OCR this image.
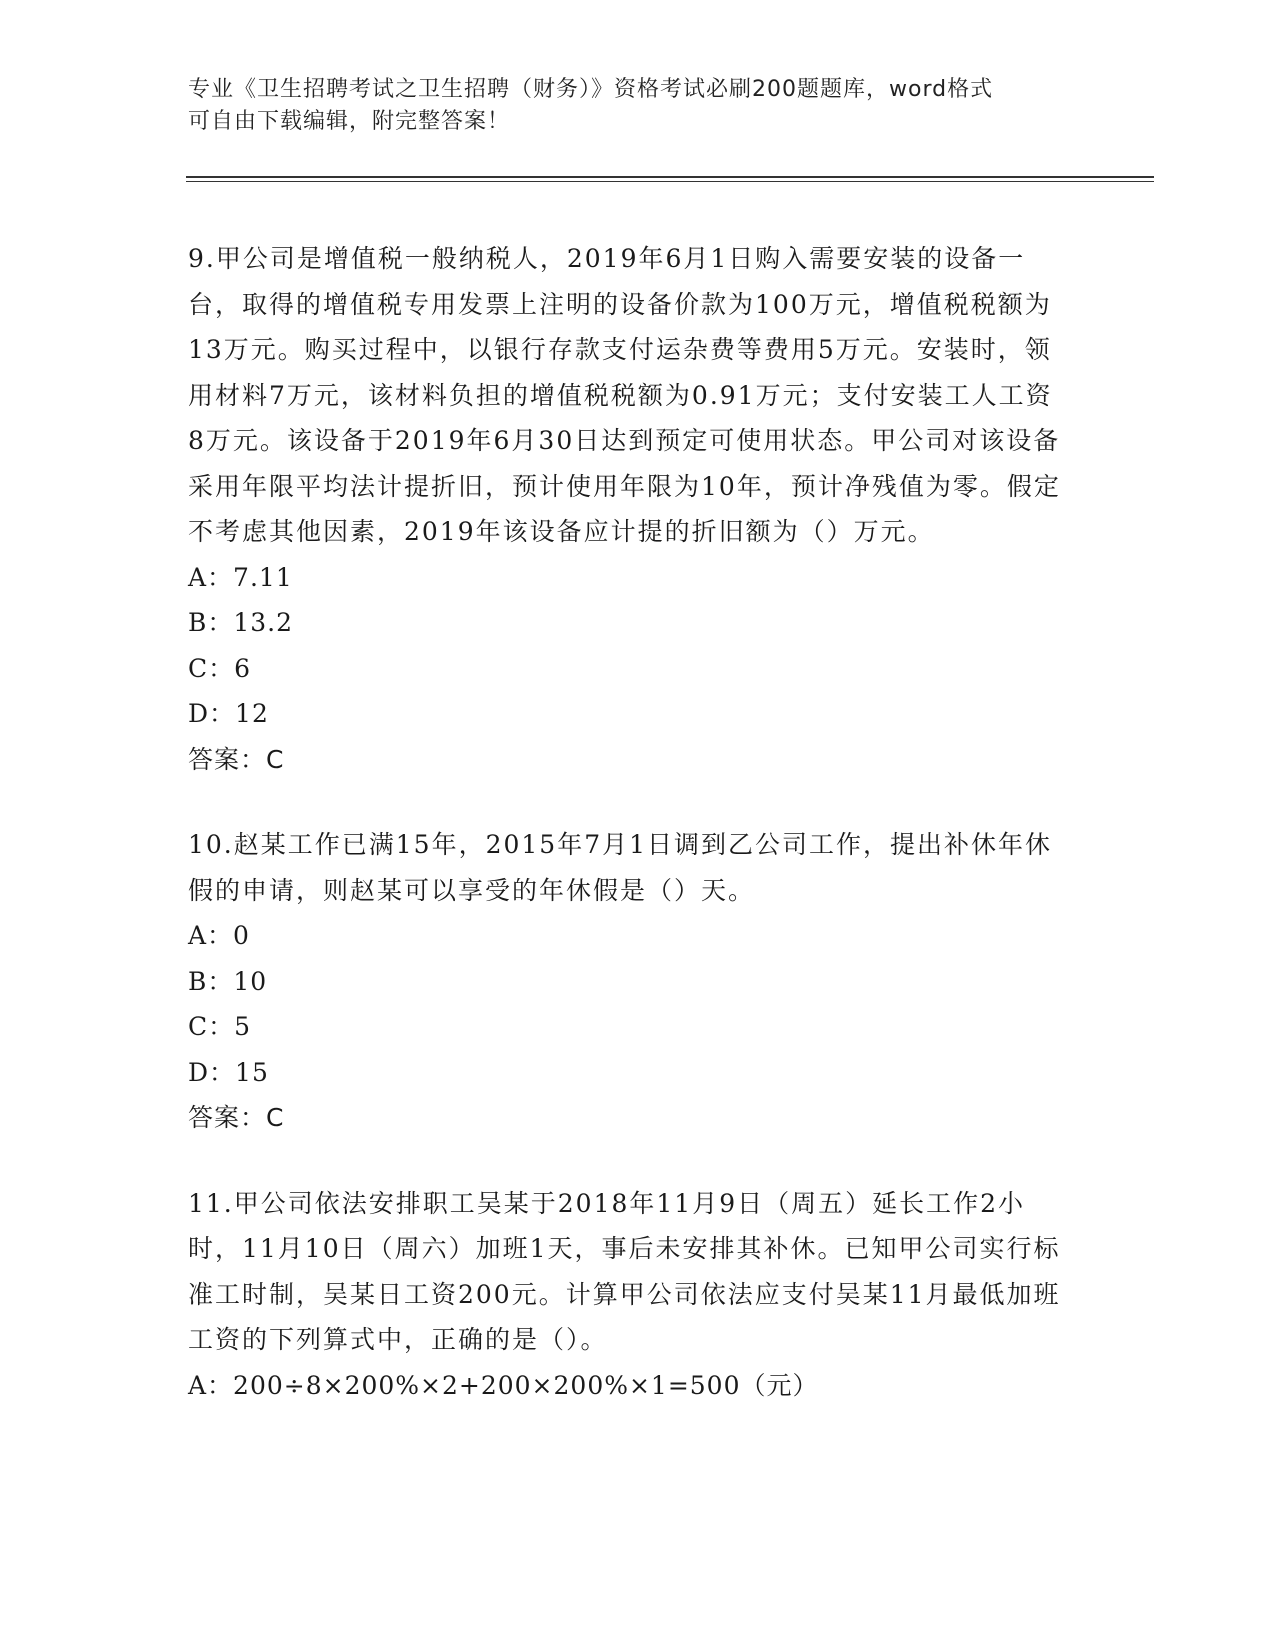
专业《卫生招聘考试之卫生招聘（财务）》资格考试必刷200题题库，word格式
可自由下载编辑，附完整答案！

9.甲公司是增值税一般纳税人，2019年6月1日购入需要安装的设备一台，取得的增值税专用发票上注明的设备价款为100万元，增值税税额为13万元。购买过程中，以银行存款支付运杂费等费用5万元。安装时，领用材料7万元，该材料负担的增值税税额为0.91万元；支付安装工人工资8万元。该设备于2019年6月30日达到预定可使用状态。甲公司对该设备采用年限平均法计提折旧，预计使用年限为10年，预计净残值为零。假定不考虑其他因素，2019年该设备应计提的折旧额为（）万元。

A：7.11

B：13.2

C：6

D：12

答案：C

10.赵某工作已满15年，2015年7月1日调到乙公司工作，提出补休年休假的申请，则赵某可以享受的年休假是（）天。

A：0

B：10

C：5

D：15

答案：C

11.甲公司依法安排职工吴某于2018年11月9日（周五）延长工作2小时，11月10日（周六）加班1天，事后未安排其补休。已知甲公司实行标准工时制，吴某日工资200元。计算甲公司依法应支付吴某11月最低加班工资的下列算式中，正确的是（）。

A：200÷8×200%×2+200×200%×1=500（元）
